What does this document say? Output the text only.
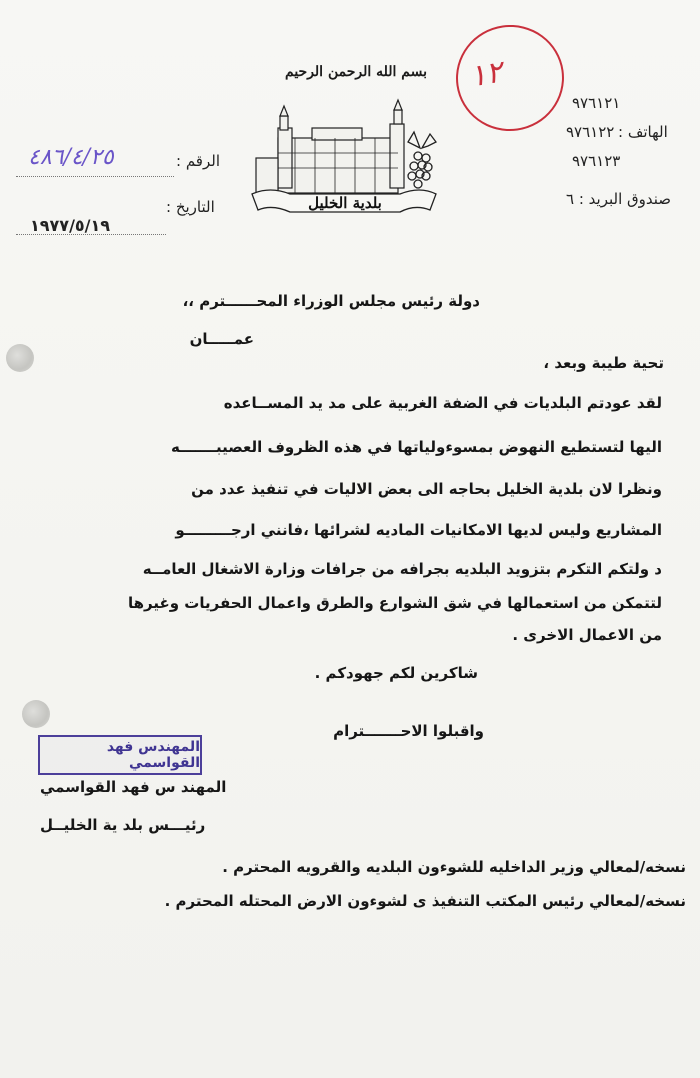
١٢
بسم الله الرحمن الرحيم
بلدية الخليل
٩٧٦١٢١
الهاتف :
٩٧٦١٢٢
٩٧٦١٢٣
صندوق البريد : ٦
الرقم :
٤٨٦/٤/٢٥
التاريخ :
١٩٧٧/٥/١٩
دولة رئيس مجلس الوزراء المحــــــترم ،،
عمـــــان
تحية طيبة وبعد ،
لقد عودتم البلديات في الضفة الغربية على مد يد المســاعده
اليها لتستطيع النهوض بمسوءولياتها في هذه الظروف العصيبـــــــه
ونظرا لان بلدية الخليل بحاجه الى بعض الاليات في تنفيذ عدد من
المشاريع وليس لديها الامكانيات الماديه لشرائها ،فانني ارجـــــــــو
د ولتكم التكرم بتزويد البلديه بجرافه من جرافات وزارة الاشغال العامــه
لتتمكن من استعمالها في شق الشوارع والطرق واعمال الحفريات وغيرها
من الاعمال الاخرى .
شاكرين لكم جهودكم .
واقبلوا الاحـــــــترام
المهندس فهد القواسمي
المهند س فهد القواسمي
رئيـــس بلد ية الخليــل
نسخه/لمعالي وزير الداخليه للشوءون البلديه والقرويه المحترم .
نسخه/لمعالي رئيس المكتب التنفيذ ى لشوءون الارض المحتله المحترم .
